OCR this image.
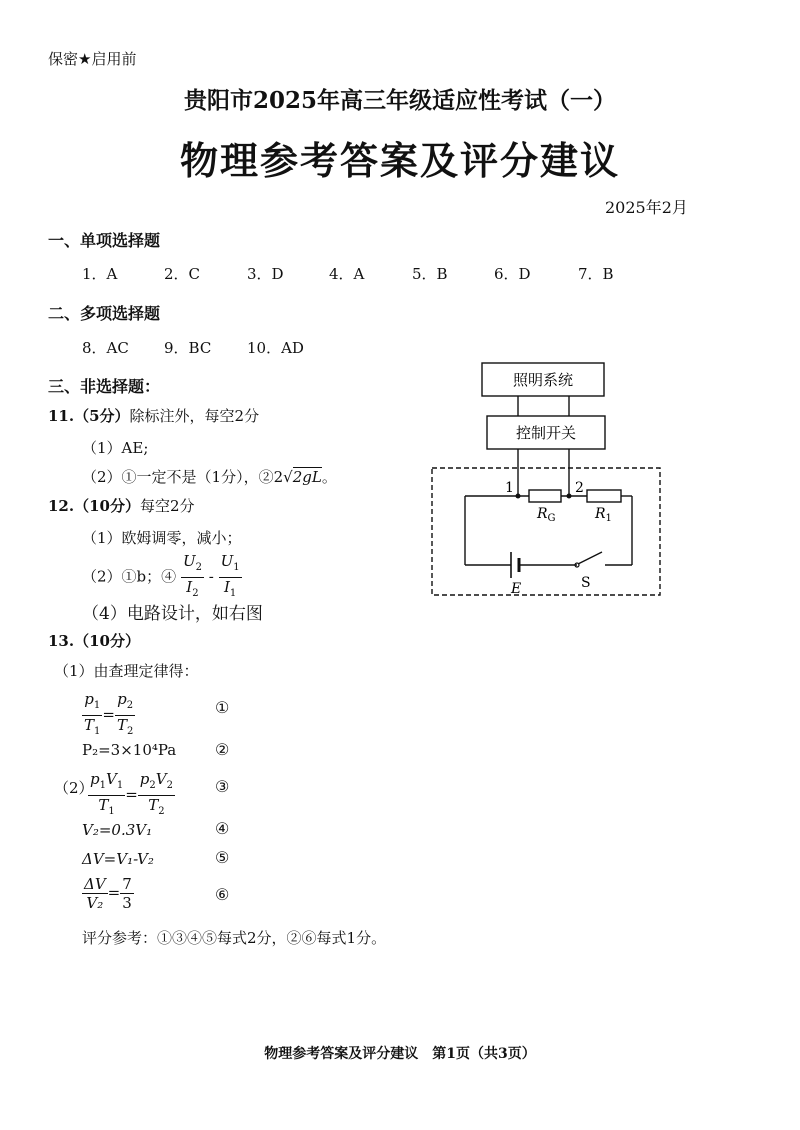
保密★启用前
贵阳市2025年高三年级适应性考试（一）
物理参考答案及评分建议
2025年2月
一、单项选择题
1．A	2．C	3．D	4．A	5．B	6．D	7．B
二、多项选择题
8．AC 9．BC 10．AD
三、非选择题：
11.（5分）除标注外，每空2分
（1）AE;
（2）①一定不是（1分），②2√2gL。
12.（10分）每空2分
（1）欧姆调零，减小；
（2）①b；④ $\frac{U_2}{I_2} - \frac{U_1}{I_1}$
（4）电路设计，如右图
13.（10分）
（1）由查理定律得：
$\frac{p_1}{T_1} = \frac{p_2}{T_2}$	①
P₂=3×10⁴Pa ②
（2）
$\frac{p_1V_1}{T_1} = \frac{p_2V_2}{T_2}$	③
V₂=0.3V₁	④
ΔV=V₁-V₂	⑤
$\frac{\Delta V}{\text{V₂}} = \frac{7}{3}$	⑥
评分参考：①③④⑤每式2分，②⑥每式1分。
照明系统
控制开关
1	2
$R_G$	$R_1$
E	S
物理参考答案及评分建议　第1页（共3页）
